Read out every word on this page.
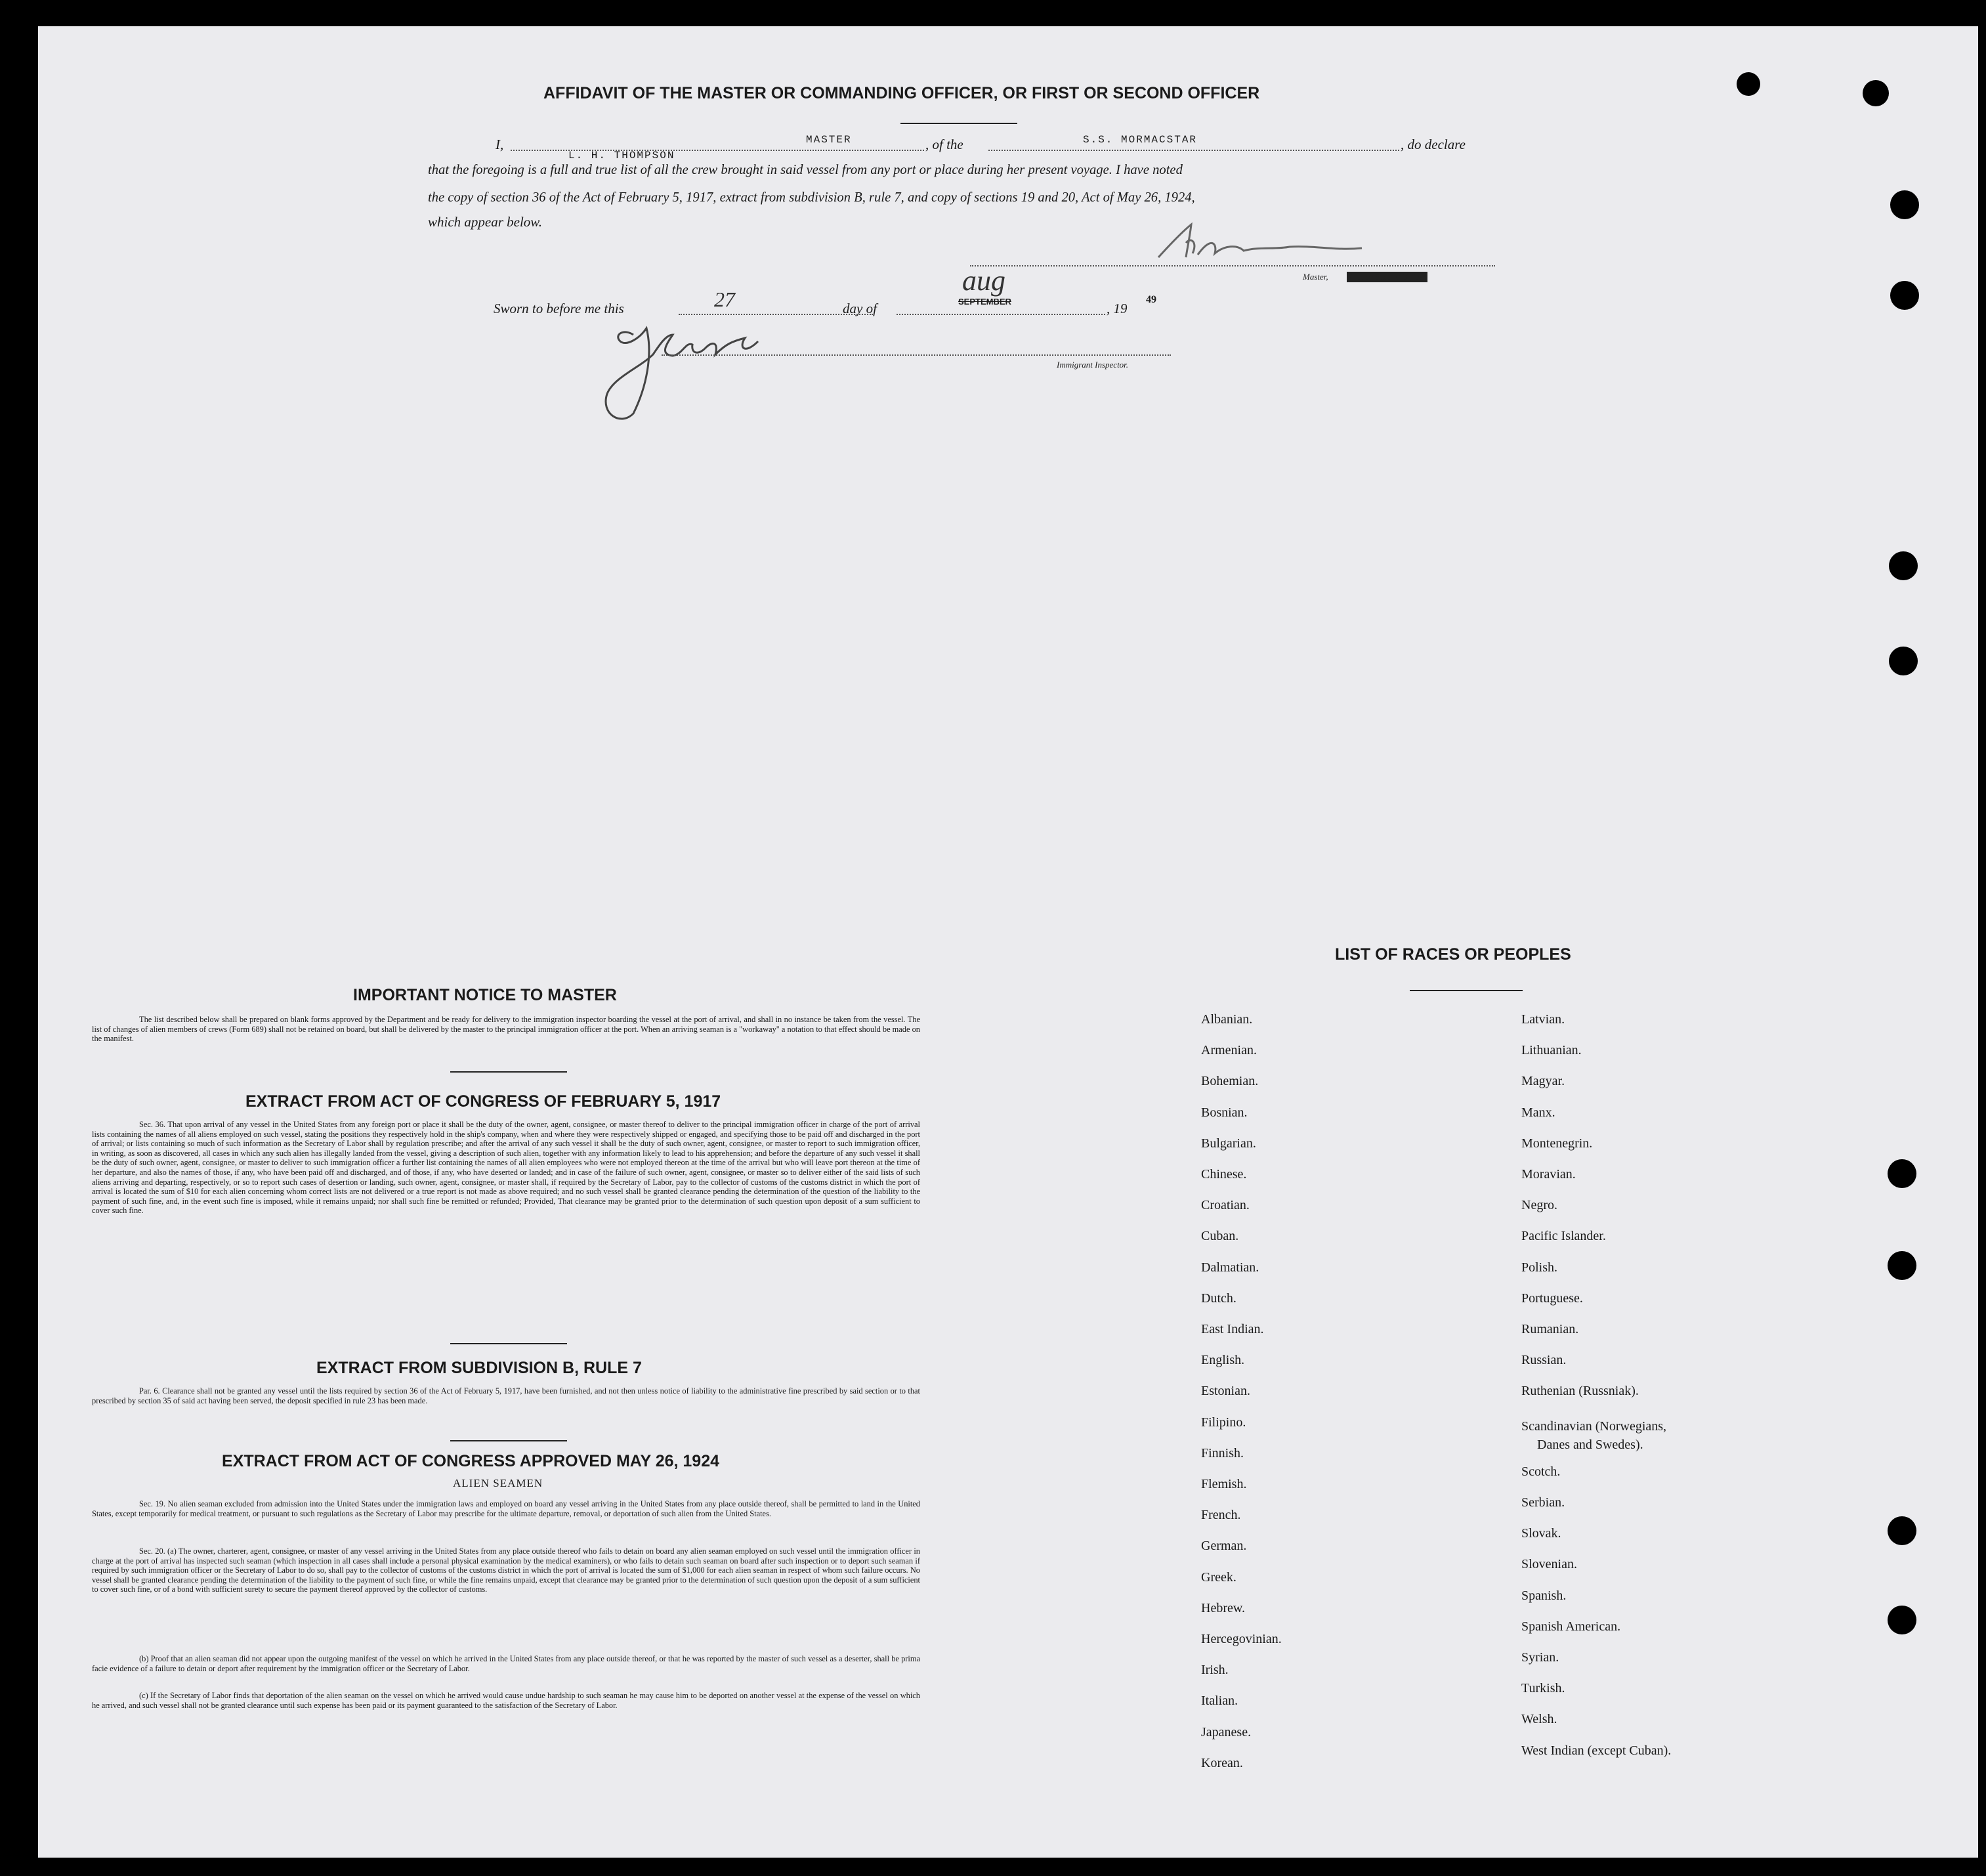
AFFIDAVIT OF THE MASTER OR COMMANDING OFFICER, OR FIRST OR SECOND OFFICER
I,	MASTER
L. H. THOMPSON
, of the	S.S. MORMACSTAR	, do declare
that the foregoing is a full and true list of all the crew brought in said vessel from any port or place during her present voyage. I have noted
the copy of section 36 of the Act of February 5, 1917, extract from subdivision B, rule 7, and copy of sections 19 and 20, Act of May 26, 1924,
which appear below.
Master, First or Second Officer.
Sworn to before me this	27	day of	SEPTEMBER
aug
, 19
49
Immigrant Inspector.
IMPORTANT NOTICE TO MASTER
The list described below shall be prepared on blank forms approved by the Department and be ready for delivery to the immigration inspector boarding the vessel at the port of arrival, and shall in no instance be taken from the vessel. The list of changes of alien members of crews (Form 689) shall not be retained on board, but shall be delivered by the master to the principal immigration officer at the port. When an arriving seaman is a "workaway" a notation to that effect should be made on the manifest.
EXTRACT FROM ACT OF CONGRESS OF FEBRUARY 5, 1917
Sec. 36. That upon arrival of any vessel in the United States from any foreign port or place it shall be the duty of the owner, agent, consignee, or master thereof to deliver to the principal immigration officer in charge of the port of arrival lists containing the names of all aliens employed on such vessel, stating the positions they respectively hold in the ship's company, when and where they were respectively shipped or engaged, and specifying those to be paid off and discharged in the port of arrival; or lists containing so much of such information as the Secretary of Labor shall by regulation prescribe; and after the arrival of any such vessel it shall be the duty of such owner, agent, consignee, or master to report to such immigration officer, in writing, as soon as discovered, all cases in which any such alien has illegally landed from the vessel, giving a description of such alien, together with any information likely to lead to his apprehension; and before the departure of any such vessel it shall be the duty of such owner, agent, consignee, or master to deliver to such immigration officer a further list containing the names of all alien employees who were not employed thereon at the time of the arrival but who will leave port thereon at the time of her departure, and also the names of those, if any, who have been paid off and discharged, and of those, if any, who have deserted or landed; and in case of the failure of such owner, agent, consignee, or master so to deliver either of the said lists of such aliens arriving and departing, respectively, or so to report such cases of desertion or landing, such owner, agent, consignee, or master shall, if required by the Secretary of Labor, pay to the collector of customs of the customs district in which the port of arrival is located the sum of $10 for each alien concerning whom correct lists are not delivered or a true report is not made as above required; and no such vessel shall be granted clearance pending the determination of the question of the liability to the payment of such fine, and, in the event such fine is imposed, while it remains unpaid; nor shall such fine be remitted or refunded; Provided, That clearance may be granted prior to the determination of such question upon deposit of a sum sufficient to cover such fine.
EXTRACT FROM SUBDIVISION B, RULE 7
Par. 6. Clearance shall not be granted any vessel until the lists required by section 36 of the Act of February 5, 1917, have been furnished, and not then unless notice of liability to the administrative fine prescribed by said section or to that prescribed by section 35 of said act having been served, the deposit specified in rule 23 has been made.
EXTRACT FROM ACT OF CONGRESS APPROVED MAY 26, 1924
ALIEN SEAMEN
Sec. 19. No alien seaman excluded from admission into the United States under the immigration laws and employed on board any vessel arriving in the United States from any place outside thereof, shall be permitted to land in the United States, except temporarily for medical treatment, or pursuant to such regulations as the Secretary of Labor may prescribe for the ultimate departure, removal, or deportation of such alien from the United States.
Sec. 20. (a) The owner, charterer, agent, consignee, or master of any vessel arriving in the United States from any place outside thereof who fails to detain on board any alien seaman employed on such vessel until the immigration officer in charge at the port of arrival has inspected such seaman (which inspection in all cases shall include a personal physical examination by the medical examiners), or who fails to detain such seaman on board after such inspection or to deport such seaman if required by such immigration officer or the Secretary of Labor to do so, shall pay to the collector of customs of the customs district in which the port of arrival is located the sum of $1,000 for each alien seaman in respect of whom such failure occurs. No vessel shall be granted clearance pending the determination of the liability to the payment of such fine, or while the fine remains unpaid, except that clearance may be granted prior to the determination of such question upon the deposit of a sum sufficient to cover such fine, or of a bond with sufficient surety to secure the payment thereof approved by the collector of customs.
(b) Proof that an alien seaman did not appear upon the outgoing manifest of the vessel on which he arrived in the United States from any place outside thereof, or that he was reported by the master of such vessel as a deserter, shall be prima facie evidence of a failure to detain or deport after requirement by the immigration officer or the Secretary of Labor.
(c) If the Secretary of Labor finds that deportation of the alien seaman on the vessel on which he arrived would cause undue hardship to such seaman he may cause him to be deported on another vessel at the expense of the vessel on which he arrived, and such vessel shall not be granted clearance until such expense has been paid or its payment guaranteed to the satisfaction of the Secretary of Labor.
LIST OF RACES OR PEOPLES
Albanian.
Armenian.
Bohemian.
Bosnian.
Bulgarian.
Chinese.
Croatian.
Cuban.
Dalmatian.
Dutch.
East Indian.
English.
Estonian.
Filipino.
Finnish.
Flemish.
French.
German.
Greek.
Hebrew.
Hercegovinian.
Irish.
Italian.
Japanese.
Korean.
Latvian.
Lithuanian.
Magyar.
Manx.
Montenegrin.
Moravian.
Negro.
Pacific Islander.
Polish.
Portuguese.
Rumanian.
Russian.
Ruthenian (Russniak).
Scandinavian (Norwegians,
Danes and Swedes).
Scotch.
Serbian.
Slovak.
Slovenian.
Spanish.
Spanish American.
Syrian.
Turkish.
Welsh.
West Indian (except Cuban).
